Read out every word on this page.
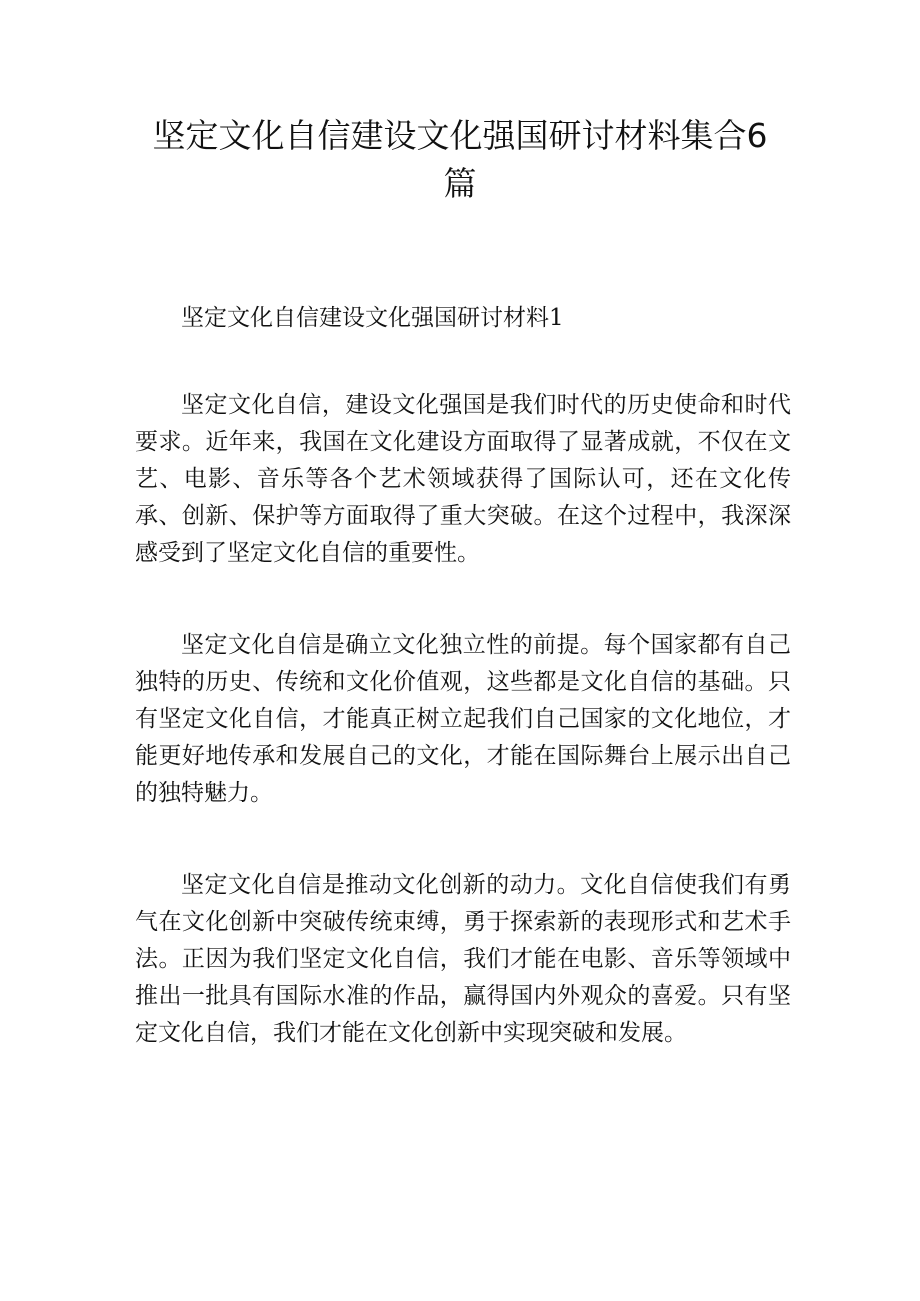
坚定文化自信建设文化强国研讨材料集合6
篇

坚定文化自信建设文化强国研讨材料1

坚定文化自信，建设文化强国是我们时代的历史使命和时代要求。近年来，我国在文化建设方面取得了显著成就，不仅在文艺、电影、音乐等各个艺术领域获得了国际认可，还在文化传承、创新、保护等方面取得了重大突破。在这个过程中，我深深感受到了坚定文化自信的重要性。

坚定文化自信是确立文化独立性的前提。每个国家都有自己独特的历史、传统和文化价值观，这些都是文化自信的基础。只有坚定文化自信，才能真正树立起我们自己国家的文化地位，才能更好地传承和发展自己的文化，才能在国际舞台上展示出自己的独特魅力。

坚定文化自信是推动文化创新的动力。文化自信使我们有勇气在文化创新中突破传统束缚，勇于探索新的表现形式和艺术手法。正因为我们坚定文化自信，我们才能在电影、音乐等领域中推出一批具有国际水准的作品，赢得国内外观众的喜爱。只有坚定文化自信，我们才能在文化创新中实现突破和发展。
